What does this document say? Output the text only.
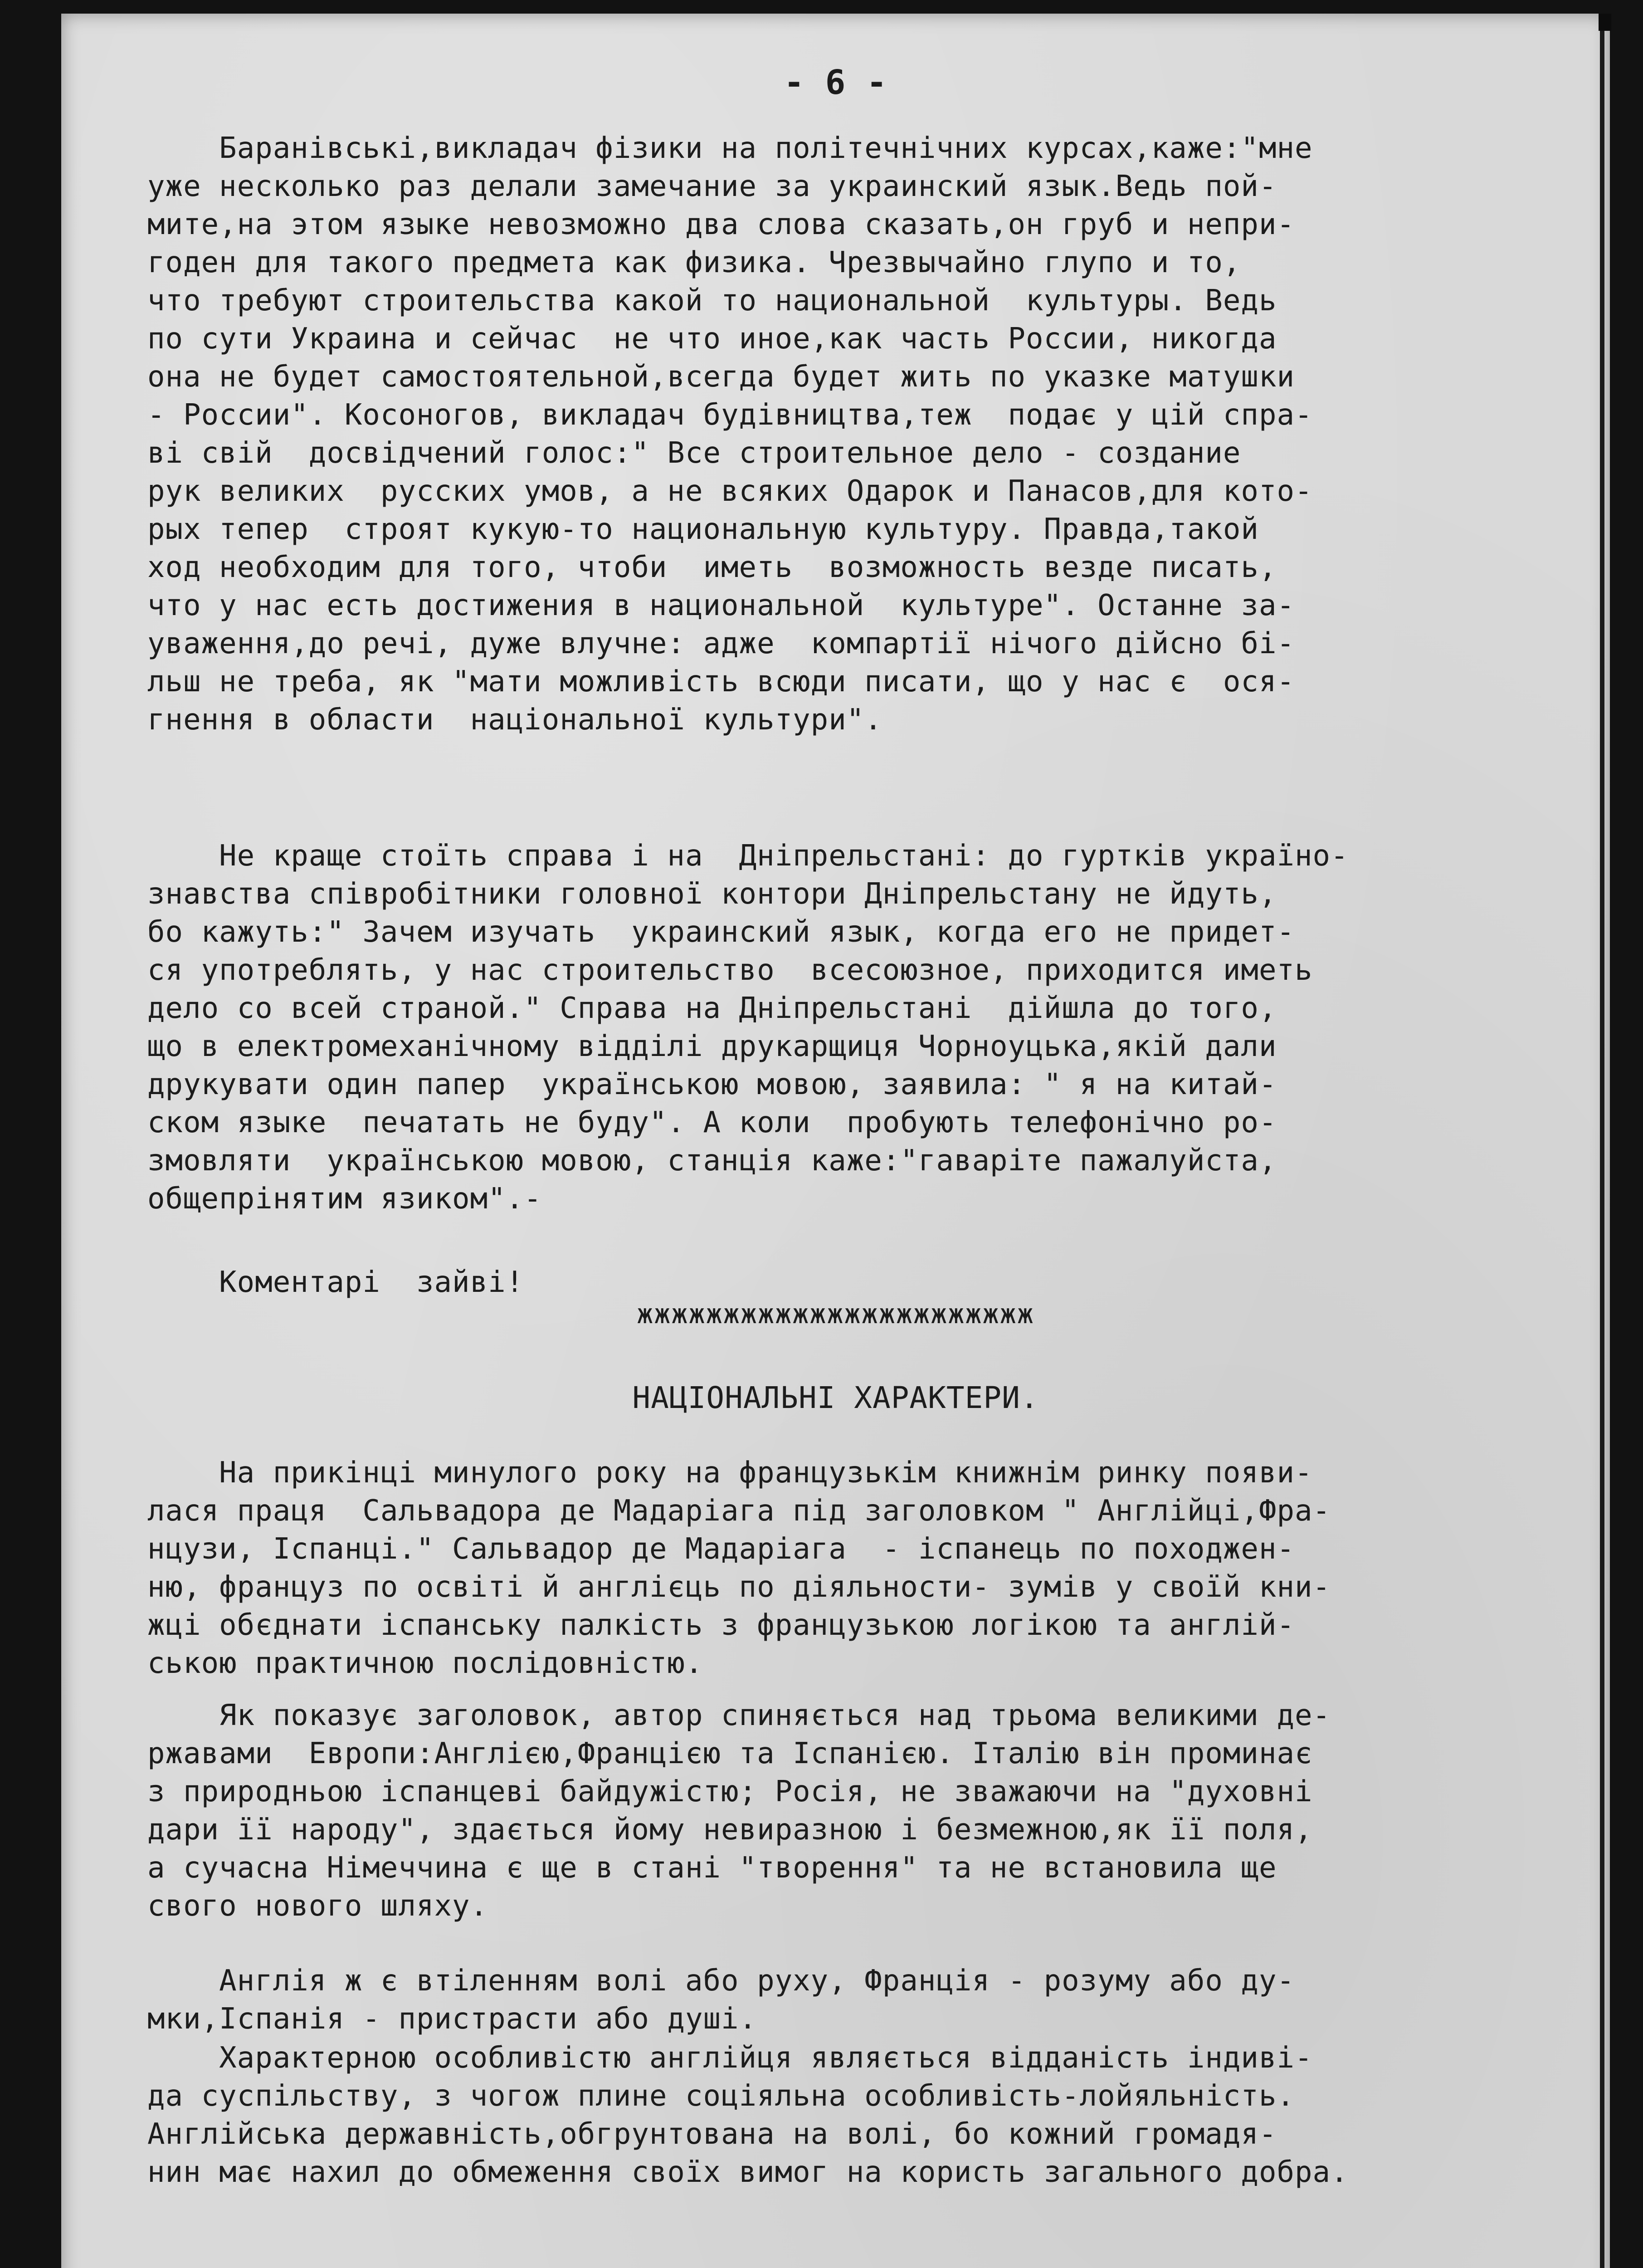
- 6 -
Баранівські,викладач фізики на політечнічних курсах,каже:"мне
уже несколько раз делали замечание за украинский язык.Ведь пой-
мите,на этом языке невозможно два слова сказать,он груб и непри-
годен для такого предмета как физика. Чрезвычайно глупо и то,
что требуют строительства какой то национальной  культуры. Ведь
по сути Украина и сейчас  не что иное,как часть России, никогда
она не будет самостоятельной,всегда будет жить по указке матушки
- России". Косоногов, викладач будівництва,теж  подає у цій спра-
ві свій  досвідчений голос:" Все строительное дело - создание
рук великих  русских умов, а не всяких Одарок и Панасов,для кото-
рых тепер  строят кукую-то национальную культуру. Правда,такой
ход необходим для того, чтоби  иметь  возможность везде писать,
что у нас есть достижения в национальной  культуре". Останне за-
уваження,до речі, дуже влучне: адже  компартії нічого дійсно бі-
льш не треба, як "мати можливість всюди писати, що у нас є  ося-
гнення в области  національної культури".
Не краще стоїть справа і на  Дніпрельстані: до гуртків україно-
знавства співробітники головної контори Дніпрельстану не йдуть,
бо кажуть:" Зачем изучать  украинский язык, когда его не придет-
ся употреблять, у нас строительство  всесоюзное, приходится иметь
дело со всей страной." Справа на Дніпрельстані  дійшла до того,
що в електромеханічному відділі друкарщиця Чорноуцька,якій дали
друкувати один папер  українською мовою, заявила: " я на китай-
ском языке  печатать не буду". А коли  пробують телефонічно ро-
змовляти  українською мовою, станція каже:"гаваріте пажалуйста,
общепрінятим язиком".-
Коментарі  зайві!
жжжжжжжжжжжжжжжжжжжжжжж
НАЦІОНАЛЬНІ ХАРАКТЕРИ.
На прикінці минулого року на французькім книжнім ринку появи-
лася праця  Сальвадора де Мадаріага під заголовком " Англійці,Фра-
нцузи, Іспанці." Сальвадор де Мадаріага  - іспанець по походжен-
ню, француз по освіті й англієць по діяльности- зумів у своїй кни-
жці обєднати іспанську палкість з французькою логікою та англій-
ською практичною послідовністю.
Як показує заголовок, автор спиняється над трьома великими де-
ржавами  Европи:Англією,Францією та Іспанією. Італію він проминає
з природньою іспанцеві байдужістю; Росія, не зважаючи на "духовні
дари її народу", здається йому невиразною і безмежною,як її поля,
а сучасна Німеччина є ще в стані "творення" та не встановила ще
свого нового шляху.
Англія ж є втіленням волі або руху, Франція - розуму або ду-
мки,Іспанія - пристрасти або душі.
Характерною особливістю англійця являється відданість індиві-
да суспільству, з чогож плине соціяльна особливість-лойяльність.
Англійська державність,обгрунтована на волі, бо кожний громадя-
нин має нахил до обмеження своїх вимог на користь загального добра.
